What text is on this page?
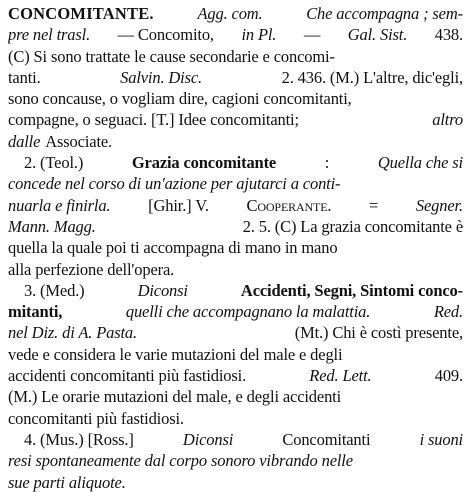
CONCOMITANTE.	Agg. com.	Che accompagna ; sem-
pre nel trasl. — Concomito, in Pl. — Gal. Sist. 438.
(C) Si sono trattate le cause secondarie e concomi-
tanti.	Salvin. Disc.	2. 436. (M.) L'altre, dic'egli,
sono concause, o vogliam dire, cagioni concomitanti,
compagne, o seguaci. [T.] Idee concomitanti;	altro
dalle Associate.
2. (Teol.)	Grazia concomitante	:	Quella che si
concede nel corso di un'azione per ajutarci a conti-
nuarla e finirla. [Ghir.] V. Cooperante. = Segner.
Mann. Magg.	2. 5. (C) La grazia concomitante è
quella la quale poi ti accompagna di mano in mano
alla perfezione dell'opera.
3. (Med.)	Diconsi	Accidenti, Segni, Sintomi conco-
mitanti,	quelli che accompagnano la malattia.	Red.
nel Diz. di A. Pasta.	(Mt.) Chi è costì presente,
vede e considera le varie mutazioni del male e degli
accidenti concomitanti più fastidiosi.	Red. Lett.	409.
(M.) Le orarie mutazioni del male, e degli accidenti
concomitanti più fastidiosi.
4. (Mus.) [Ross.]	Diconsi	Concomitanti	i suoni
resi spontaneamente dal corpo sonoro vibrando nelle
sue parti aliquote.
